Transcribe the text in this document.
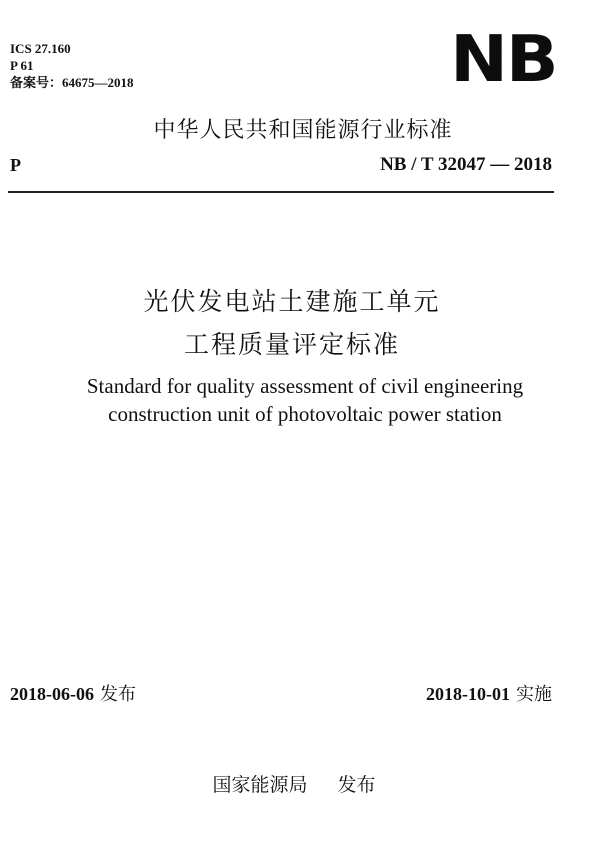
ICS 27.160
P 61
备案号：64675—2018	NB
中华人民共和国能源行业标准
P	NB / T 32047 — 2018
光伏发电站土建施工单元
工程质量评定标准
Standard for quality assessment of civil engineering
construction unit of photovoltaic power station
2018-06-06 发布	2018-10-01 实施
国家能源局 发布
